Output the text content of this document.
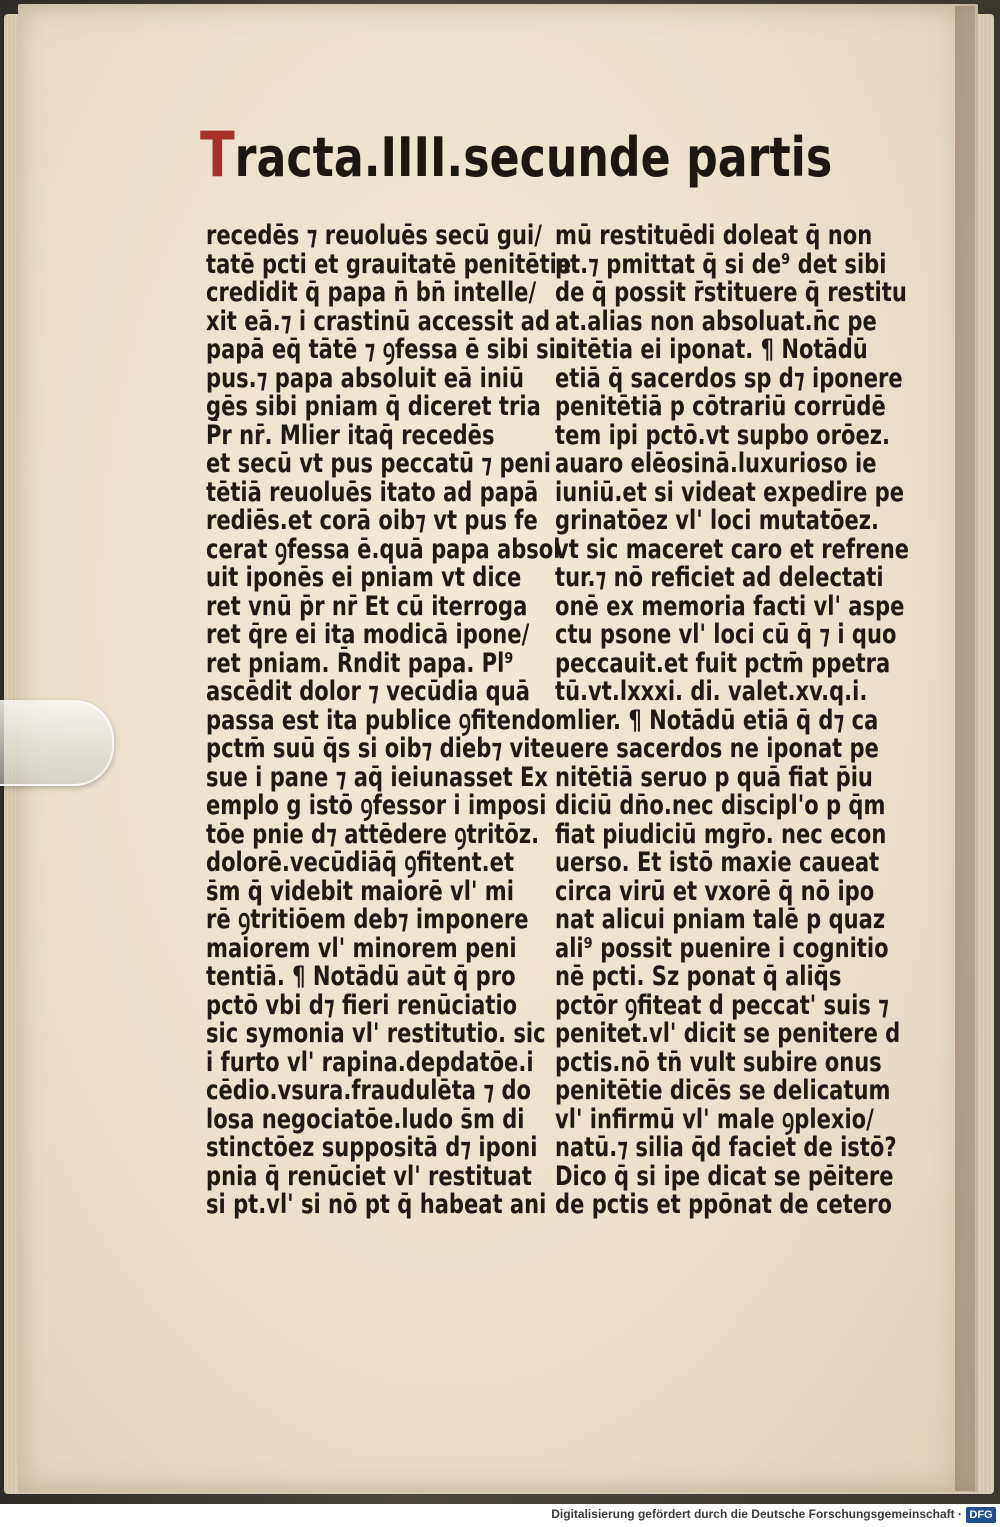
Tracta.IIII.secunde partis
recedēs ⁊ reuoluēs secū gui/
tatē pcti et grauitatē penitētie
credidit q̄ papa n̄ bn̄ intelle/
xit eā.⁊ i crastinū accessit ad
papā eq̄ tātē ⁊ ꝯfessa ē sibi sic
pus.⁊ papa absoluit eā iniū
gēs sibi pniam q̄ diceret tria
P̄r nr̄. Mlier itaq̄ recedēs
et secū vt pus peccatū ⁊ peni
tētiā reuoluēs itato ad papā
rediēs.et corā oib⁊ vt pus fe
cerat ꝯfessa ē.quā papa absol
uit iponēs ei pniam vt dice
ret vnū p̄r nr̄ Et cū iterroga
ret q̄re ei ita modicā ipone/
ret pniam. R̄ndit papa. Pl⁹
ascēdit dolor ⁊ vecūdia quā
passa est ita publice ꝯfitendo
pctm̄ suū q̄s si oib⁊ dieb⁊ vite
sue i pane ⁊ aq̄ ieiunasset Ex
emplo g istō ꝯfessor i imposi
tōe pnie d⁊ attēdere ꝯtritōz.
dolorē.vecūdiāq̄ ꝯfitent.et
s̄m q̄ videbit maiorē vl' mi
rē ꝯtritiōem deb⁊ imponere
maiorem vl' minorem peni
tentiā. ¶ Notādū aūt q̄ pro
pctō vbi d⁊ fieri renūciatio
sic symonia vl' restitutio. sic
i furto vl' rapina.depdatōe.i
cēdio.vsura.fraudulēta ⁊ do
losa negociatōe.ludo s̄m di
stinctōez suppositā d⁊ iponi
pnia q̄ renūciet vl' restituat
si pt.vl' si nō pt q̄ habeat ani
mū restituēdi doleat q̄ non
pt.⁊ pmittat q̄ si de⁹ det sibi
de q̄ possit r̄stituere q̄ restitu
at.alias non absoluat.n̄c pe
nitētia ei iponat. ¶ Notādū
etiā q̄ sacerdos sp d⁊ iponere
penitētiā p cōtrariū corrūdē
tem ipi pctō.vt supbo orōez.
auaro elēosinā.luxurioso ie
iuniū.et si videat expedire pe
grinatōez vl' loci mutatōez.
vt sic maceret caro et refrene
tur.⁊ nō reficiet ad delectati
onē ex memoria facti vl' aspe
ctu psone vl' loci cū q̄ ⁊ i quo
peccauit.et fuit pctm̄ ppetra
tū.vt.lxxxi. di. valet.xv.q.i.
mlier. ¶ Notādū etiā q̄ d⁊ ca
uere sacerdos ne iponat pe
nitētiā seruo p quā fiat p̄iu
diciū dn̄o.nec discipl'o p q̄m
fiat piudiciū mgr̄o. nec econ
uerso. Et istō maxie caueat
circa virū et vxorē q̄ nō ipo
nat alicui pniam talē p quaz
ali⁹ possit puenire i cognitio
nē pcti. Sz ponat q̄ aliq̄s
pctōr ꝯfiteat d peccat' suis ⁊
penitet.vl' dicit se penitere d
pctis.nō tn̄ vult subire onus
penitētie dicēs se delicatum
vl' infirmū vl' male ꝯplexio/
natū.⁊ silia q̄d faciet de istō?
Dico q̄ si ipe dicat se pēitere
de pctis et ppōnat de cetero
Digitalisierung gefördert durch die Deutsche Forschungsgemeinschaft · DFG
